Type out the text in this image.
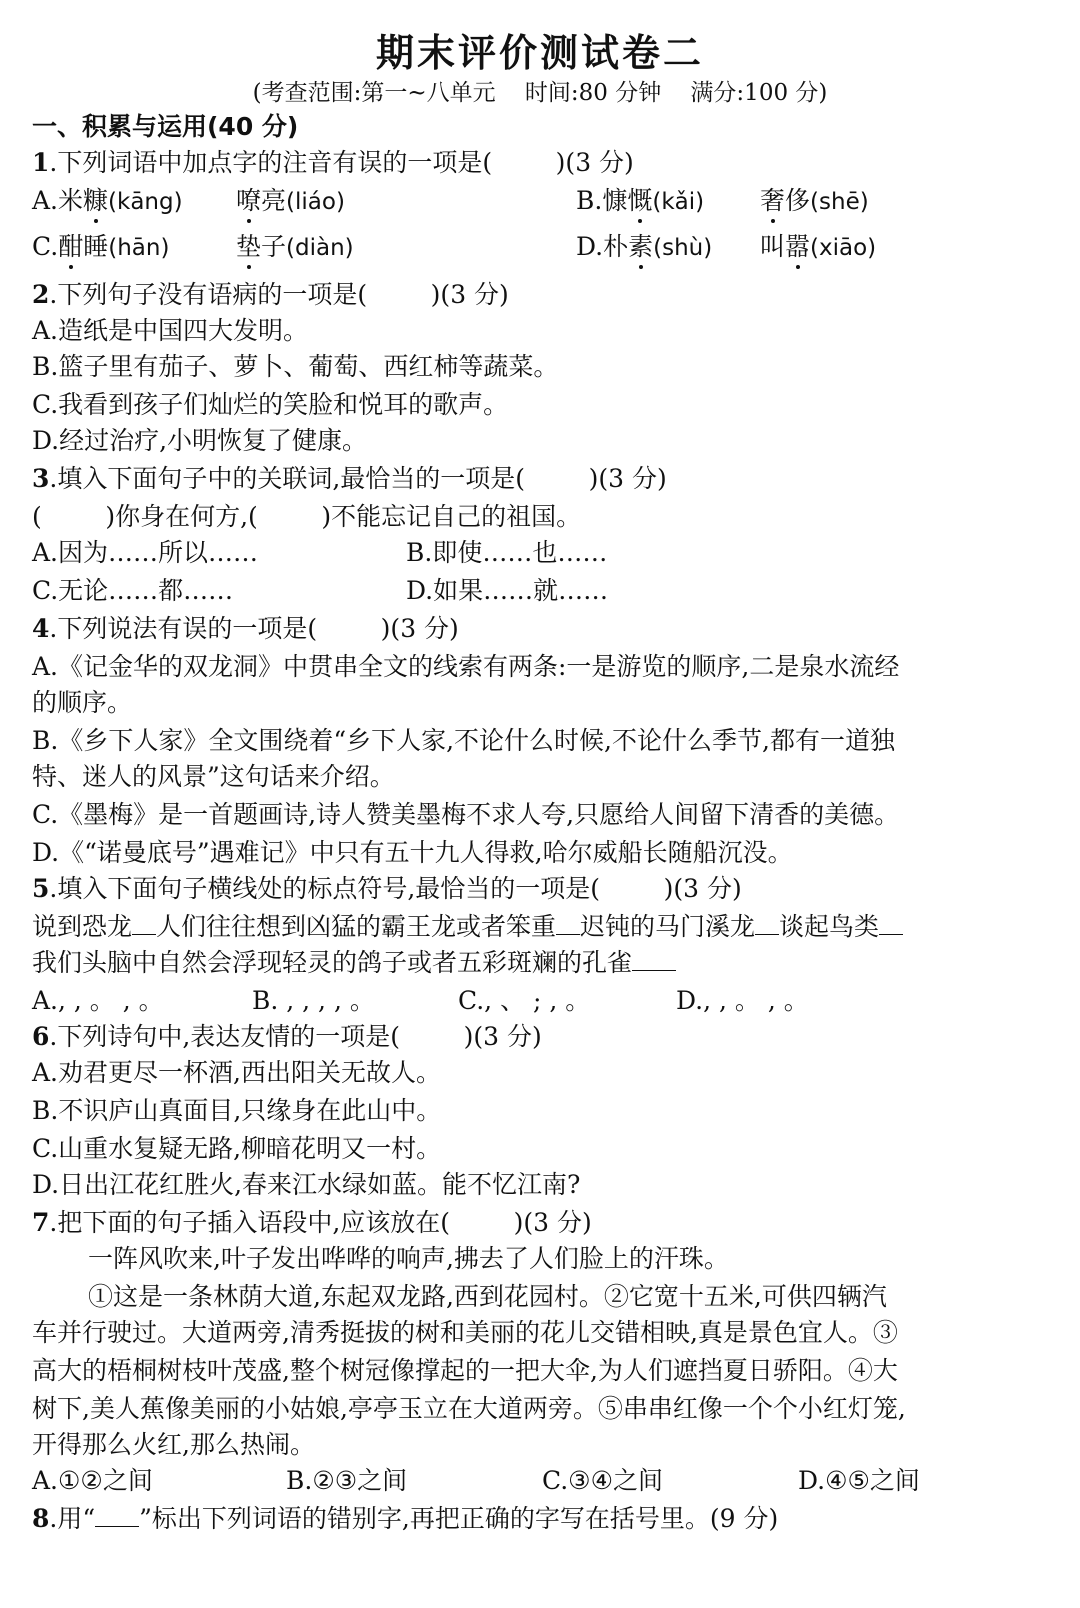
期末评价测试卷二
(考查范围:第一~八单元    时间:80 分钟    满分:100 分)
一、积累与运用(40 分)
1.下列词语中加点字的注音有误的一项是(        )(3 分)
A.米糠(kāng) 嘹亮(liáo)	B.慷慨(kǎi) 奢侈(shē)
C.酣睡(hān)	垫子(diàn)	D.朴素(shù) 叫嚣(xiāo)
2.下列句子没有语病的一项是(        )(3 分)
A.造纸是中国四大发明。
B.篮子里有茄子、萝卜、葡萄、西红柿等蔬菜。
C.我看到孩子们灿烂的笑脸和悦耳的歌声。
D.经过治疗,小明恢复了健康。
3.填入下面句子中的关联词,最恰当的一项是(        )(3 分)
(        )你身在何方,(        )不能忘记自己的祖国。
A.因为……所以……	B.即使……也……
C.无论……都……	D.如果……就……
4.下列说法有误的一项是(        )(3 分)
A.《记金华的双龙洞》中贯串全文的线索有两条:一是游览的顺序,二是泉水流经
的顺序。
B.《乡下人家》全文围绕着“乡下人家,不论什么时候,不论什么季节,都有一道独
特、迷人的风景”这句话来介绍。
C.《墨梅》是一首题画诗,诗人赞美墨梅不求人夸,只愿给人间留下清香的美德。
D.《“诺曼底号”遇难记》中只有五十九人得救,哈尔威船长随船沉没。
5.填入下面句子横线处的标点符号,最恰当的一项是(        )(3 分)
说到恐龙 人们往往想到凶猛的霸王龙或者笨重 迟钝的马门溪龙 谈起鸟类
我们头脑中自然会浮现轻灵的鸽子或者五彩斑斓的孔雀
A., , 。 , 。	B. , , , , 。	C., 、 ; , 。	D., , 。 , 。
6.下列诗句中,表达友情的一项是(        )(3 分)
A.劝君更尽一杯酒,西出阳关无故人。
B.不识庐山真面目,只缘身在此山中。
C.山重水复疑无路,柳暗花明又一村。
D.日出江花红胜火,春来江水绿如蓝。能不忆江南?
7.把下面的句子插入语段中,应该放在(        )(3 分)
一阵风吹来,叶子发出哗哗的响声,拂去了人们脸上的汗珠。
①这是一条林荫大道,东起双龙路,西到花园村。②它宽十五米,可供四辆汽
车并行驶过。大道两旁,清秀挺拔的树和美丽的花儿交错相映,真是景色宜人。③
高大的梧桐树枝叶茂盛,整个树冠像撑起的一把大伞,为人们遮挡夏日骄阳。④大
树下,美人蕉像美丽的小姑娘,亭亭玉立在大道两旁。⑤串串红像一个个小红灯笼,
开得那么火红,那么热闹。
A.①②之间	B.②③之间	C.③④之间	D.④⑤之间
8.用“ ”标出下列词语的错别字,再把正确的字写在括号里。(9 分)
